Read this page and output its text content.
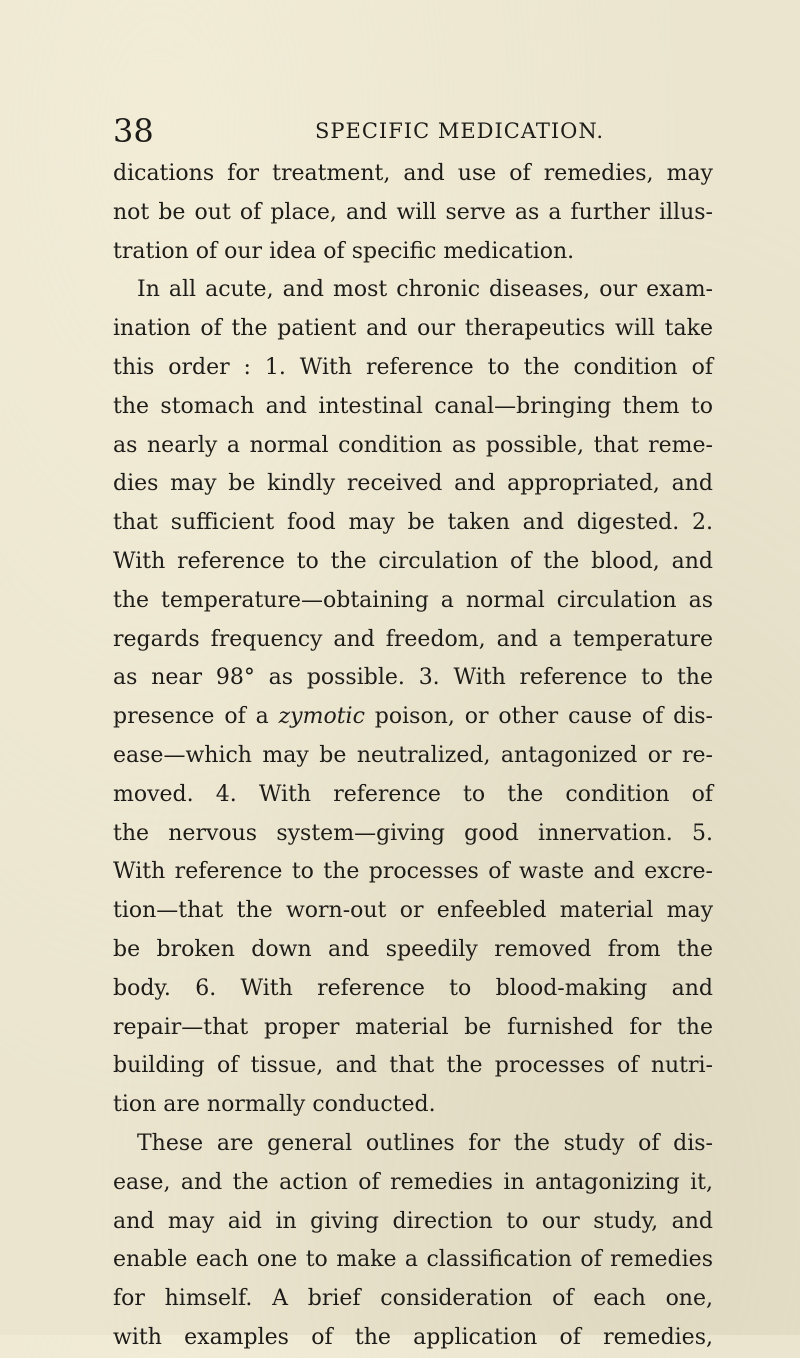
38	SPECIFIC MEDICATION.
dications for treatment, and use of remedies, may
not be out of place, and will serve as a further illus-
tration of our idea of specific medication.
In all acute, and most chronic diseases, our exam-
ination of the patient and our therapeutics will take
this order : 1. With reference to the condition of
the stomach and intestinal canal—bringing them to
as nearly a normal condition as possible, that reme-
dies may be kindly received and appropriated, and
that sufficient food may be taken and digested. 2.
With reference to the circulation of the blood, and
the temperature—obtaining a normal circulation as
regards frequency and freedom, and a temperature
as near 98° as possible. 3. With reference to the
presence of a zymotic poison, or other cause of dis-
ease—which may be neutralized, antagonized or re-
moved. 4. With reference to the condition of
the nervous system—giving good innervation. 5.
With reference to the processes of waste and excre-
tion—that the worn-out or enfeebled material may
be broken down and speedily removed from the
body. 6. With reference to blood-making and
repair—that proper material be furnished for the
building of tissue, and that the processes of nutri-
tion are normally conducted.
These are general outlines for the study of dis-
ease, and the action of remedies in antagonizing it,
and may aid in giving direction to our study, and
enable each one to make a classification of remedies
for himself. A brief consideration of each one,
with examples of the application of remedies,
